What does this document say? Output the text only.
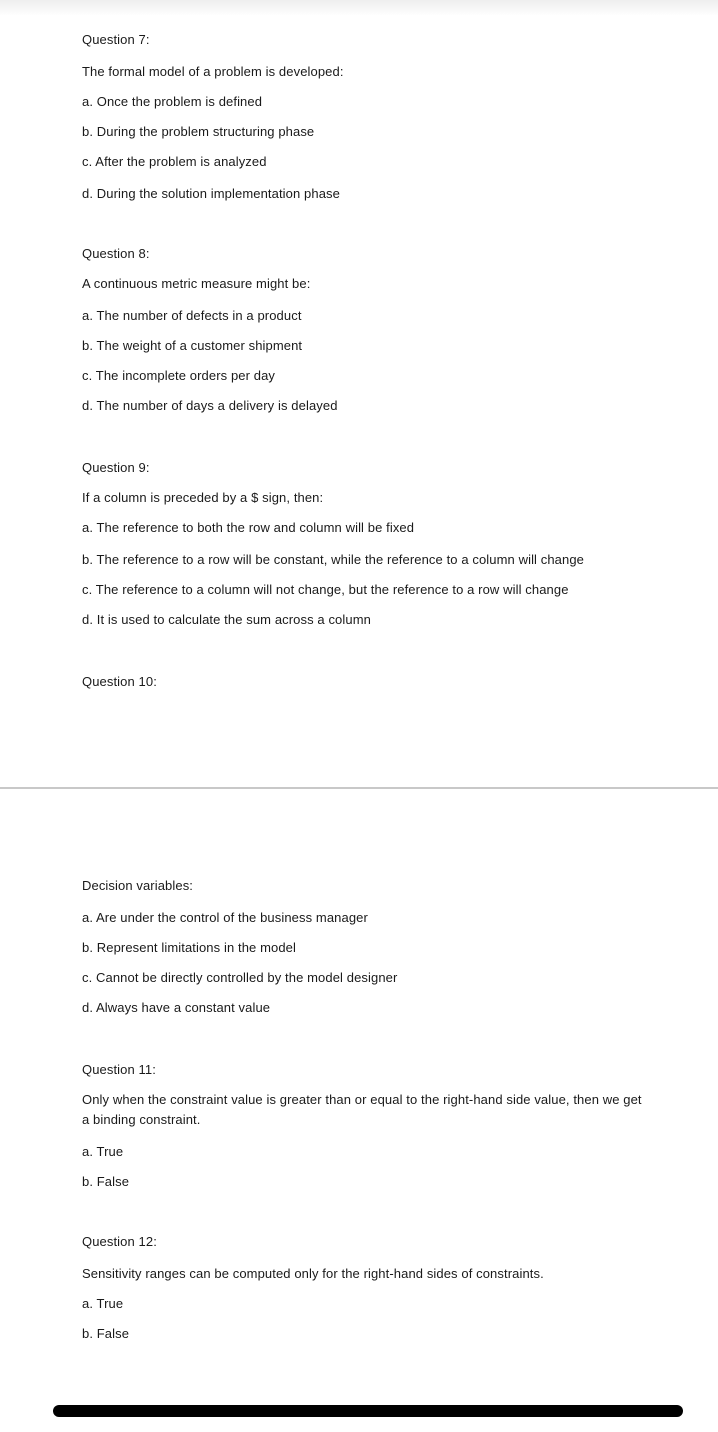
Question 7:
The formal model of a problem is developed:
a. Once the problem is defined
b. During the problem structuring phase
c. After the problem is analyzed
d. During the solution implementation phase
Question 8:
A continuous metric measure might be:
a. The number of defects in a product
b. The weight of a customer shipment
c. The incomplete orders per day
d. The number of days a delivery is delayed
Question 9:
If a column is preceded by a $ sign, then:
a. The reference to both the row and column will be fixed
b. The reference to a row will be constant, while the reference to a column will change
c. The reference to a column will not change, but the reference to a row will change
d. It is used to calculate the sum across a column
Question 10:
Decision variables:
a. Are under the control of the business manager
b. Represent limitations in the model
c. Cannot be directly controlled by the model designer
d. Always have a constant value
Question 11:
Only when the constraint value is greater than or equal to the right-hand side value, then we get a binding constraint.
a. True
b. False
Question 12:
Sensitivity ranges can be computed only for the right-hand sides of constraints.
a. True
b. False
